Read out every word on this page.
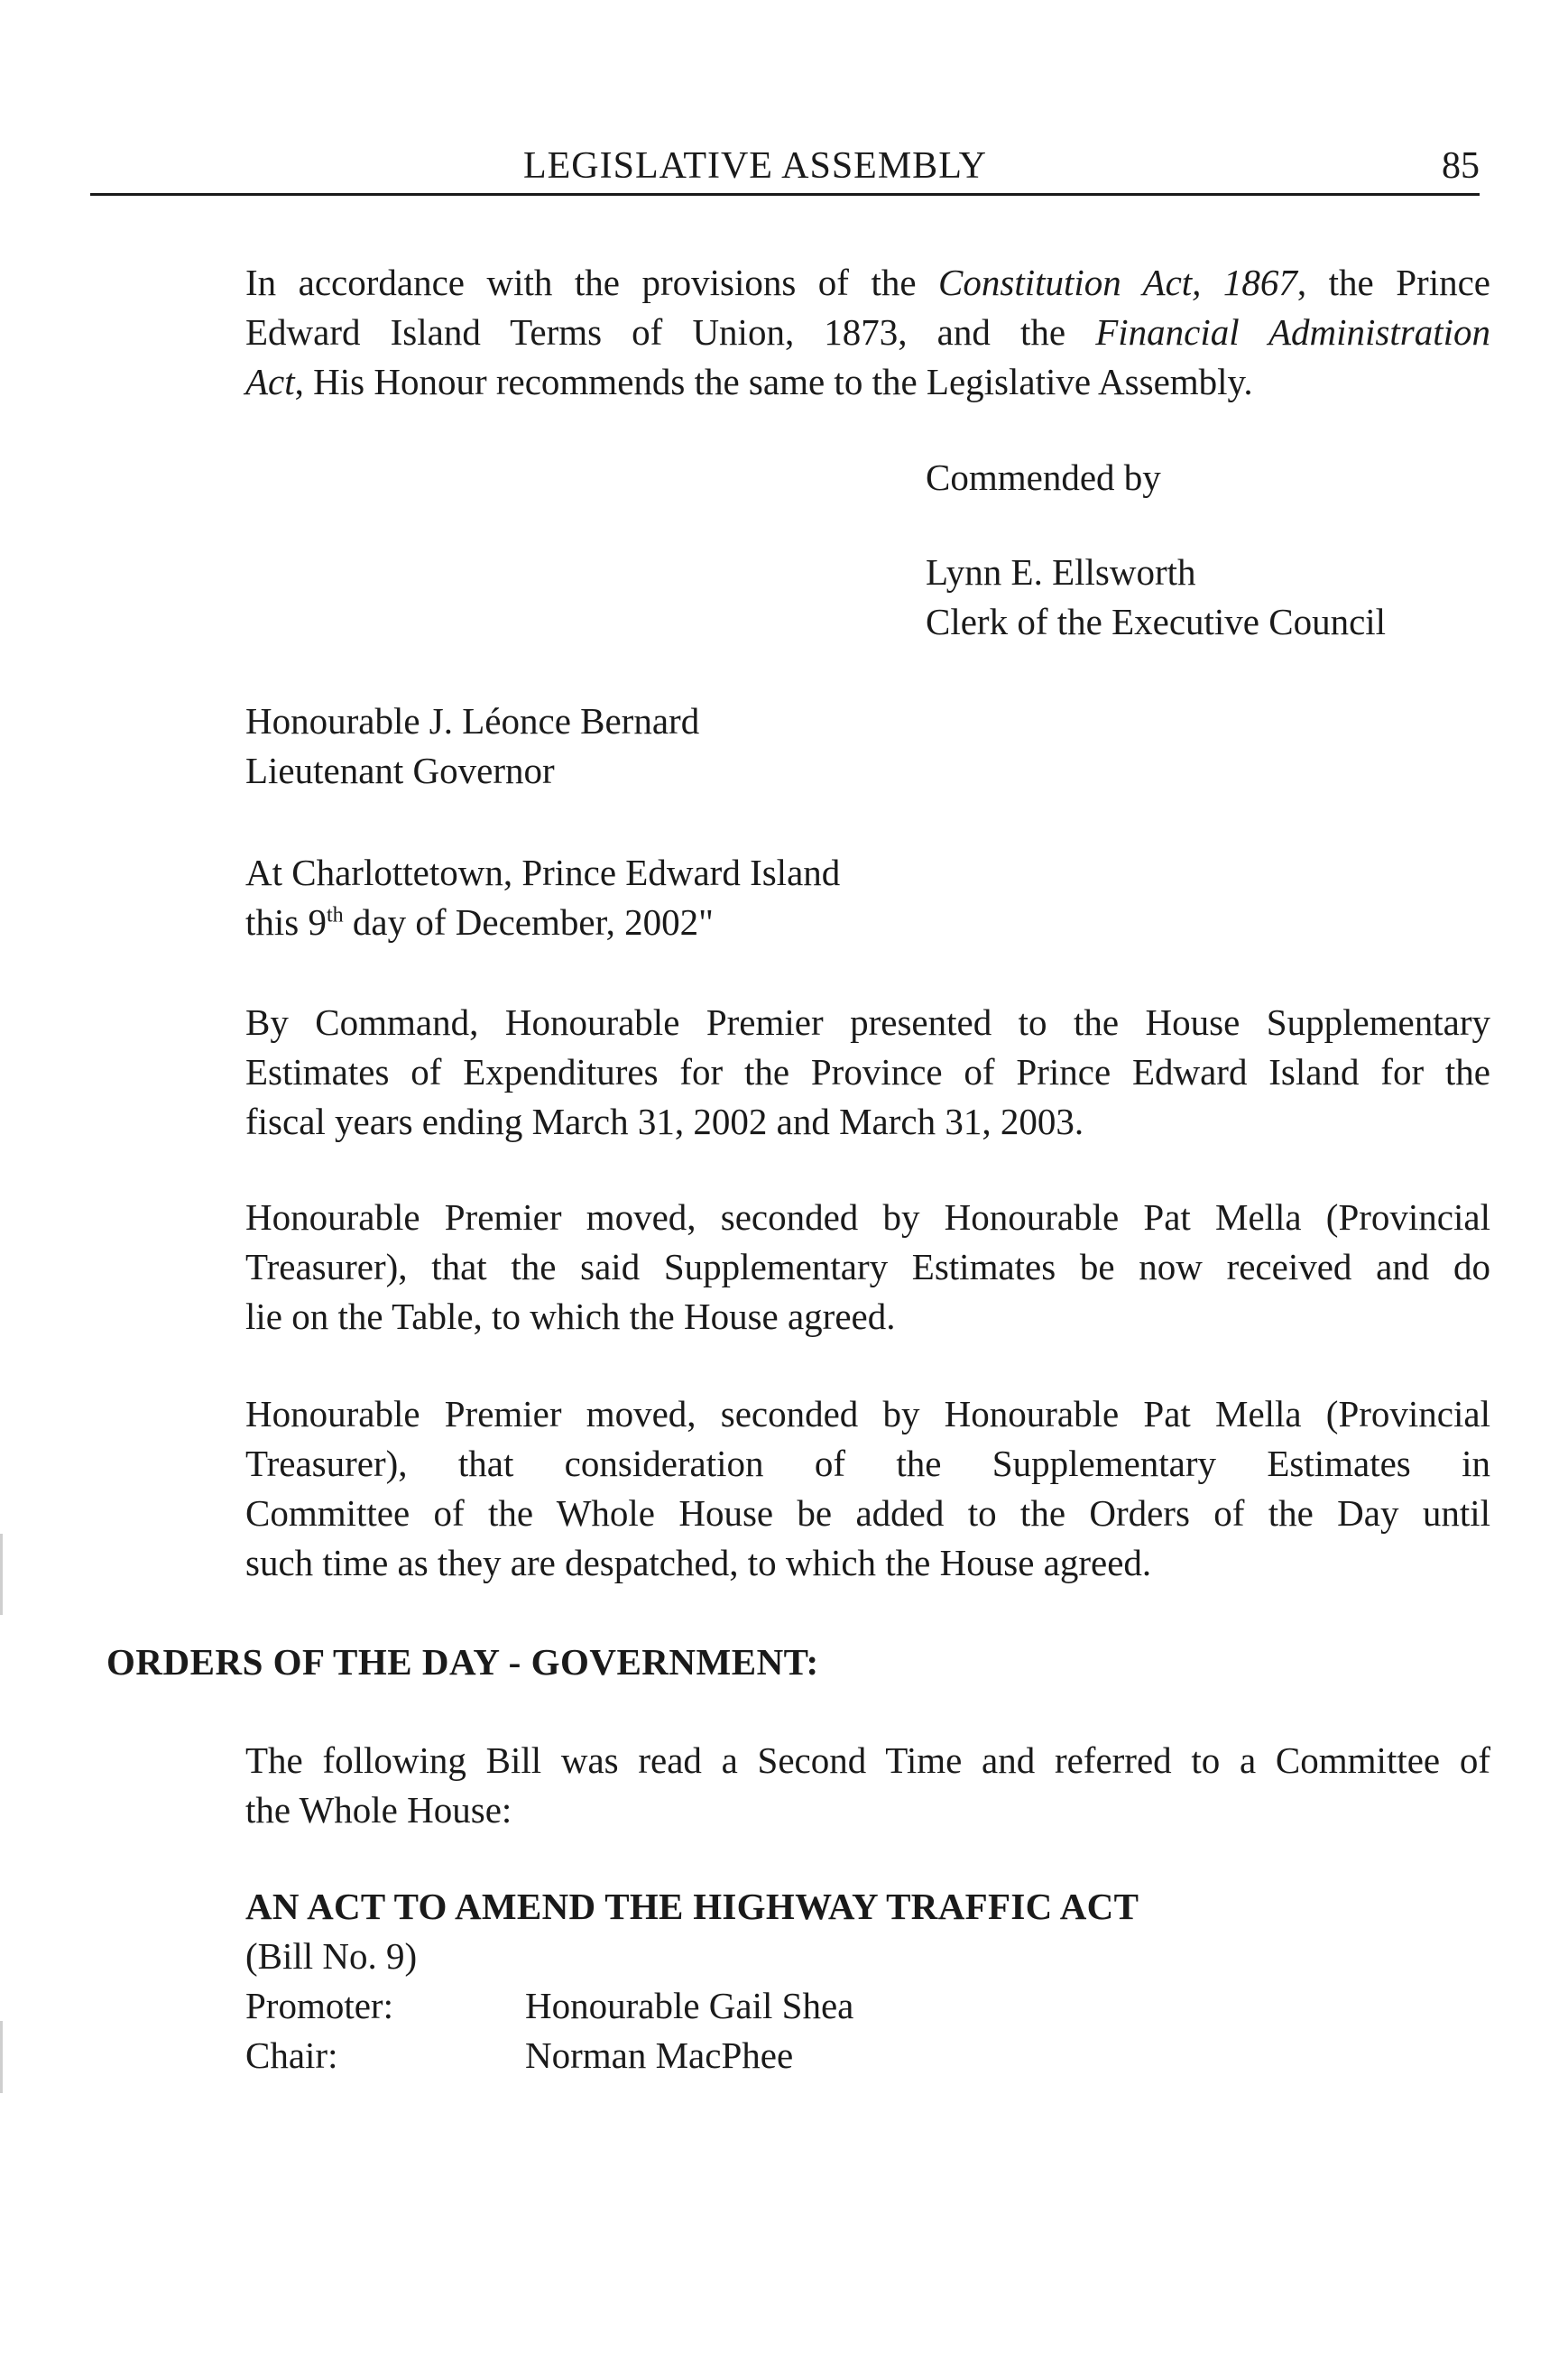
LEGISLATIVE ASSEMBLY	85
In accordance with the provisions of the Constitution Act, 1867, the Prince
Edward Island Terms of Union, 1873, and the Financial Administration
Act, His Honour recommends the same to the Legislative Assembly.
Commended by
Lynn E. Ellsworth
Clerk of the Executive Council
Honourable J. Léonce Bernard
Lieutenant Governor
At Charlottetown, Prince Edward Island
this 9th day of December, 2002"
By Command, Honourable Premier presented to the House Supplementary
Estimates of Expenditures for the Province of Prince Edward Island for the
fiscal years ending March 31, 2002 and March 31, 2003.
Honourable Premier moved, seconded by Honourable Pat Mella (Provincial
Treasurer), that the said Supplementary Estimates be now received and do
lie on the Table, to which the House agreed.
Honourable Premier moved, seconded by Honourable Pat Mella (Provincial
Treasurer), that consideration of the Supplementary Estimates in
Committee of the Whole House be added to the Orders of the Day until
such time as they are despatched, to which the House agreed.
ORDERS OF THE DAY - GOVERNMENT:
The following Bill was read a Second Time and referred to a Committee of
the Whole House:
AN ACT TO AMEND THE HIGHWAY TRAFFIC ACT
(Bill No. 9)
Promoter:	Honourable Gail Shea
Chair:	Norman MacPhee
